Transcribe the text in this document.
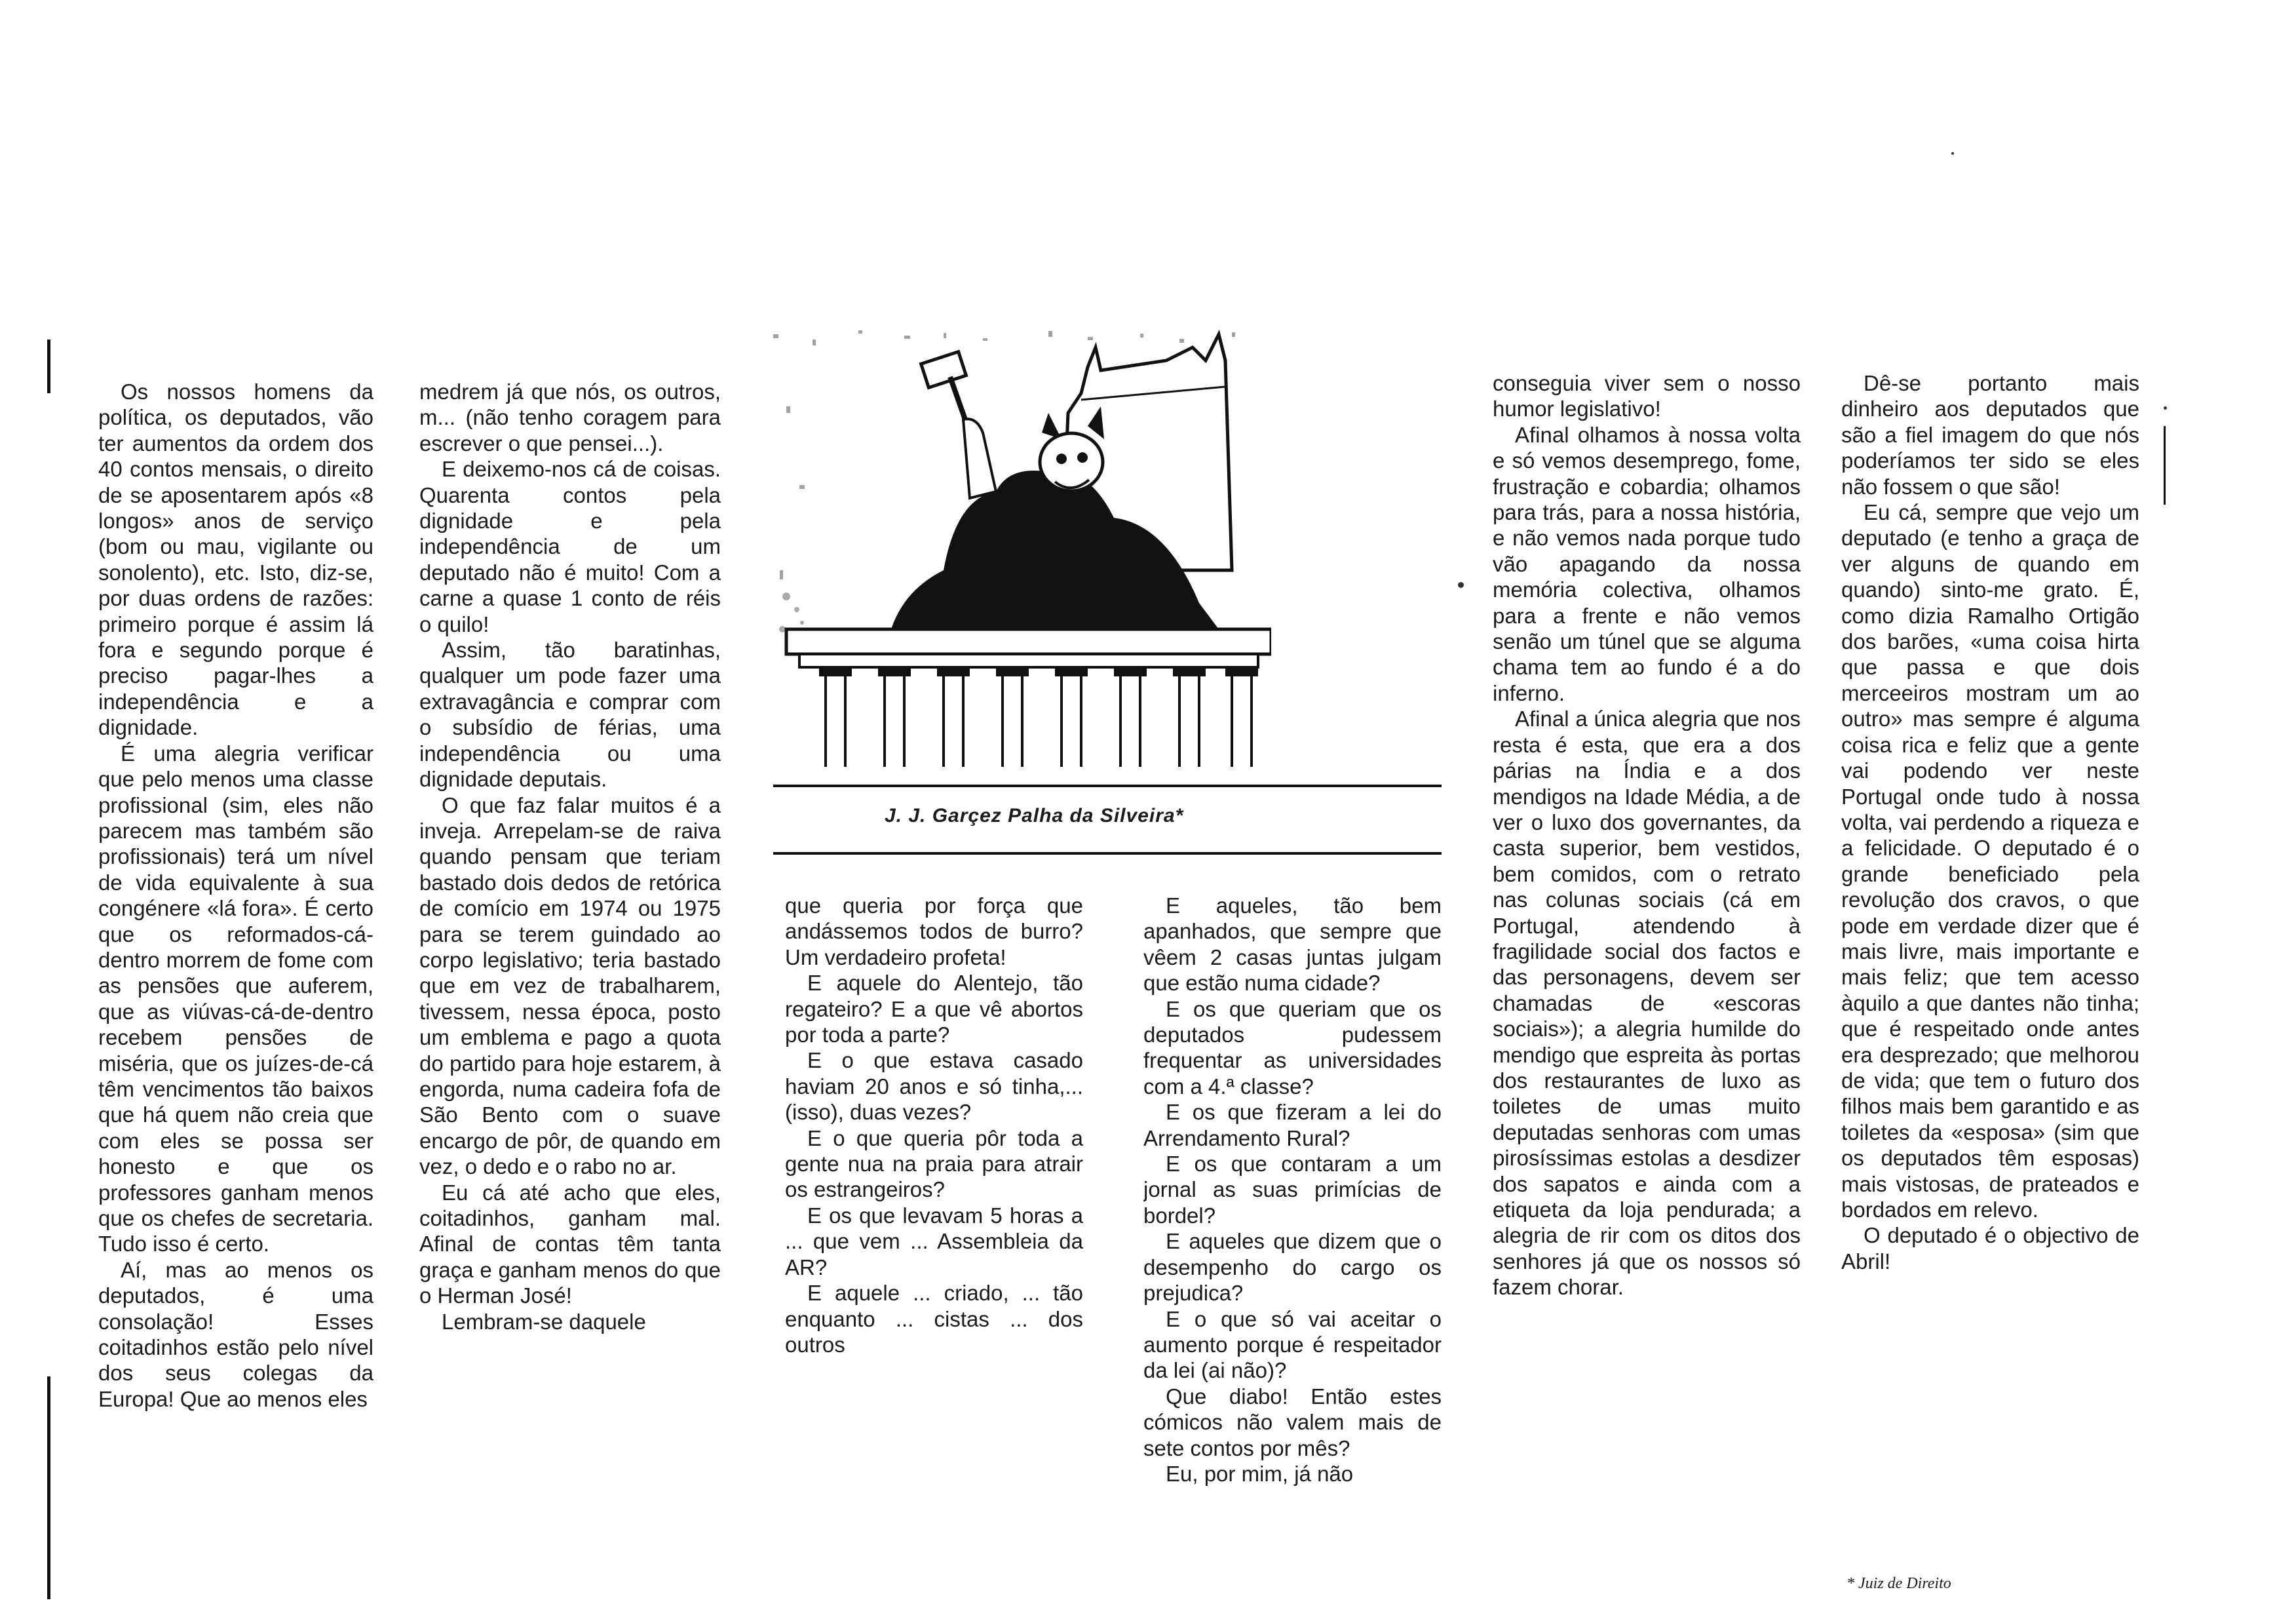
Os nossos homens da política, os deputados, vão ter aumentos da ordem dos 40 contos mensais, o direito de se aposentarem após «8 longos» anos de serviço (bom ou mau, vigilante ou sonolento), etc. Isto, diz-se, por duas ordens de razões: primeiro porque é assim lá fora e segundo porque é preciso pagar-lhes a independência e a dignidade.

É uma alegria verificar que pelo menos uma classe profissional (sim, eles não parecem mas também são profissionais) terá um nível de vida equivalente à sua congénere «lá fora». É certo que os reformados-cá-dentro morrem de fome com as pensões que auferem, que as viúvas-cá-de-dentro recebem pensões de miséria, que os juízes-de-cá têm vencimentos tão baixos que há quem não creia que com eles se possa ser honesto e que os professores ganham menos que os chefes de secretaria. Tudo isso é certo.

Aí, mas ao menos os deputados, é uma consolação! Esses coitadinhos estão pelo nível dos seus colegas da Europa! Que ao menos eles

medrem já que nós, os outros, m... (não tenho coragem para escrever o que pensei...).

E deixemo-nos cá de coisas. Quarenta contos pela dignidade e pela independência de um deputado não é muito! Com a carne a quase 1 conto de réis o quilo!

Assim, tão baratinhas, qualquer um pode fazer uma extravagância e comprar com o subsídio de férias, uma independência ou uma dignidade deputais.

O que faz falar muitos é a inveja. Arrepelam-se de raiva quando pensam que teriam bastado dois dedos de retórica de comício em 1974 ou 1975 para se terem guindado ao corpo legislativo; teria bastado que em vez de trabalharem, tivessem, nessa época, posto um emblema e pago a quota do partido para hoje estarem, à engorda, numa cadeira fofa de São Bento com o suave encargo de pôr, de quando em vez, o dedo e o rabo no ar.

Eu cá até acho que eles, coitadinhos, ganham mal. Afinal de contas têm tanta graça e ganham menos do que o Herman José!

Lembram-se daquele

J. J. Garçez Palha da Silveira*

que queria por força que andássemos todos de burro? Um verdadeiro profeta!

E aquele do Alentejo, tão regateiro? E a que vê abortos por toda a parte?

E o que estava casado haviam 20 anos e só tinha,... (isso), duas vezes?

E o que queria pôr toda a gente nua na praia para atrair os estrangeiros?

E os que levavam 5 horas a ... que vem ... Assembleia da AR?

E aquele ... criado, ... tão enquanto ... cistas ... dos outros

E aqueles, tão bem apanhados, que sempre que vêem 2 casas juntas julgam que estão numa cidade?

E os que queriam que os deputados pudessem frequentar as universidades com a 4.ª classe?

E os que fizeram a lei do Arrendamento Rural?

E os que contaram a um jornal as suas primícias de bordel?

E aqueles que dizem que o desempenho do cargo os prejudica?

E o que só vai aceitar o aumento porque é respeitador da lei (ai não)?

Que diabo! Então estes cómicos não valem mais de sete contos por mês?

Eu, por mim, já não

conseguia viver sem o nosso humor legislativo!

Afinal olhamos à nossa volta e só vemos desemprego, fome, frustração e cobardia; olhamos para trás, para a nossa história, e não vemos nada porque tudo vão apagando da nossa memória colectiva, olhamos para a frente e não vemos senão um túnel que se alguma chama tem ao fundo é a do inferno.

Afinal a única alegria que nos resta é esta, que era a dos párias na Índia e a dos mendigos na Idade Média, a de ver o luxo dos governantes, da casta superior, bem vestidos, bem comidos, com o retrato nas colunas sociais (cá em Portugal, atendendo à fragilidade social dos factos e das personagens, devem ser chamadas de «escoras sociais»); a alegria humilde do mendigo que espreita às portas dos restaurantes de luxo as toiletes de umas muito deputadas senhoras com umas pirosíssimas estolas a desdizer dos sapatos e ainda com a etiqueta da loja pendurada; a alegria de rir com os ditos dos senhores já que os nossos só fazem chorar.

Dê-se portanto mais dinheiro aos deputados que são a fiel imagem do que nós poderíamos ter sido se eles não fossem o que são!

Eu cá, sempre que vejo um deputado (e tenho a graça de ver alguns de quando em quando) sinto-me grato. É, como dizia Ramalho Ortigão dos barões, «uma coisa hirta que passa e que dois merceeiros mostram um ao outro» mas sempre é alguma coisa rica e feliz que a gente vai podendo ver neste Portugal onde tudo à nossa volta, vai perdendo a riqueza e a felicidade. O deputado é o grande beneficiado pela revolução dos cravos, o que pode em verdade dizer que é mais livre, mais importante e mais feliz; que tem acesso àquilo a que dantes não tinha; que é respeitado onde antes era desprezado; que melhorou de vida; que tem o futuro dos filhos mais bem garantido e as toiletes da «esposa» (sim que os deputados têm esposas) mais vistosas, de prateados e bordados em relevo.

O deputado é o objectivo de Abril!

* Juiz de Direito
